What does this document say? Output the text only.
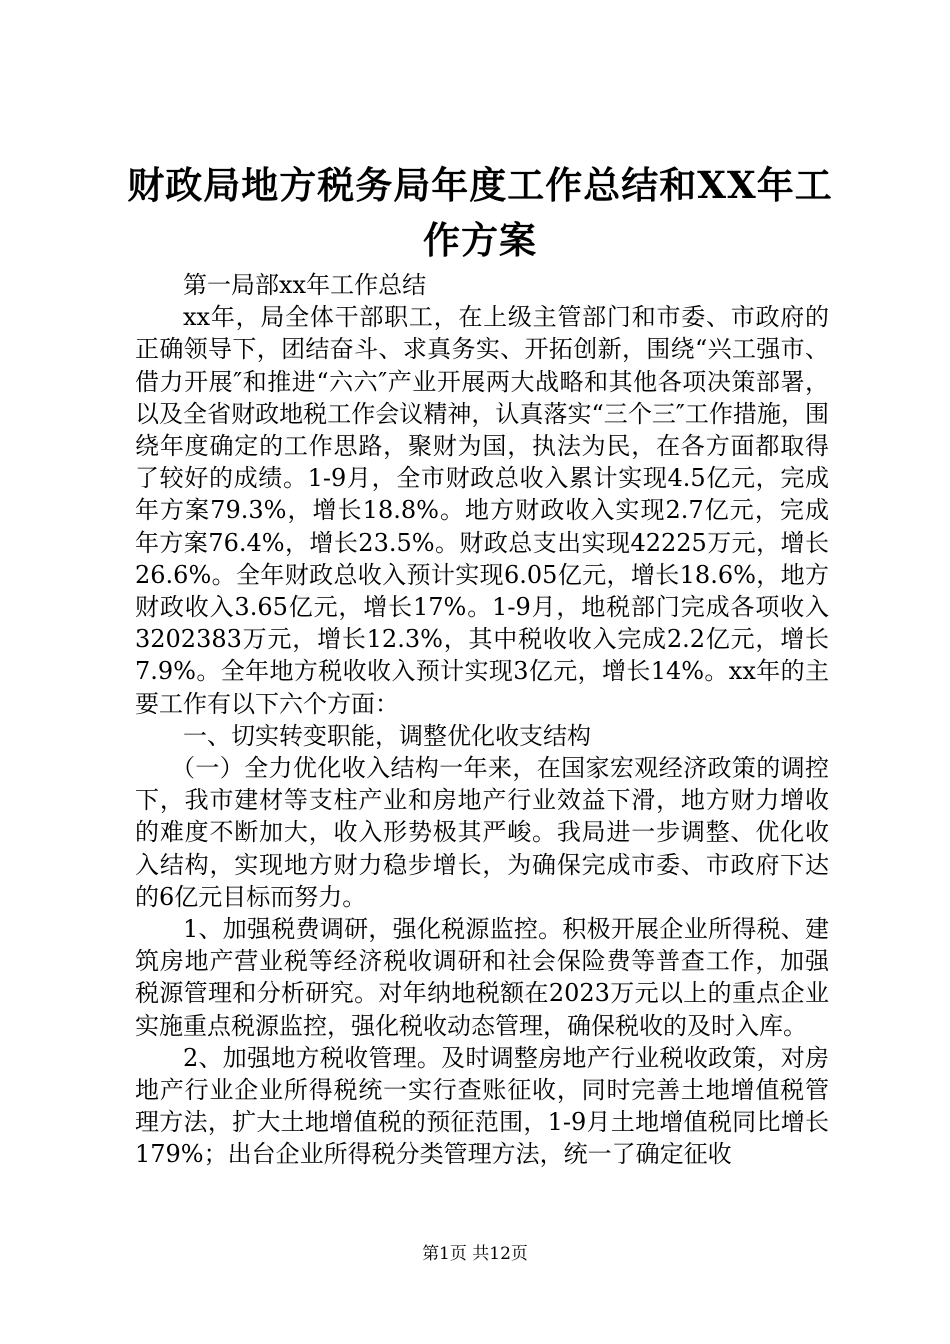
财政局地方税务局年度工作总结和XX年工作方案

第一局部xx年工作总结

xx年，局全体干部职工，在上级主管部门和市委、市政府的正确领导下，团结奋斗、求真务实、开拓创新，围绕“兴工强市、借力开展″和推进“六六″产业开展两大战略和其他各项决策部署，以及全省财政地税工作会议精神，认真落实“三个三″工作措施，围绕年度确定的工作思路，聚财为国，执法为民，在各方面都取得了较好的成绩。1-9月，全市财政总收入累计实现4.5亿元，完成年方案79.3%，增长18.8%。地方财政收入实现2.7亿元，完成年方案76.4%，增长23.5%。财政总支出实现42225万元，增长26.6%。全年财政总收入预计实现6.05亿元，增长18.6%，地方财政收入3.65亿元，增长17%。1-9月，地税部门完成各项收入3202383万元，增长12.3%，其中税收收入完成2.2亿元，增长7.9%。全年地方税收收入预计实现3亿元，增长14%。xx年的主要工作有以下六个方面：

一、切实转变职能，调整优化收支结构

（一）全力优化收入结构一年来，在国家宏观经济政策的调控下，我市建材等支柱产业和房地产行业效益下滑，地方财力增收的难度不断加大，收入形势极其严峻。我局进一步调整、优化收入结构，实现地方财力稳步增长，为确保完成市委、市政府下达的6亿元目标而努力。

1、加强税费调研，强化税源监控。积极开展企业所得税、建筑房地产营业税等经济税收调研和社会保险费等普查工作，加强税源管理和分析研究。对年纳地税额在2023万元以上的重点企业实施重点税源监控，强化税收动态管理，确保税收的及时入库。

2、加强地方税收管理。及时调整房地产行业税收政策，对房地产行业企业所得税统一实行查账征收，同时完善土地增值税管理方法，扩大土地增值税的预征范围，1-9月土地增值税同比增长179%；出台企业所得税分类管理方法，统一了确定征收

第1页 共12页
